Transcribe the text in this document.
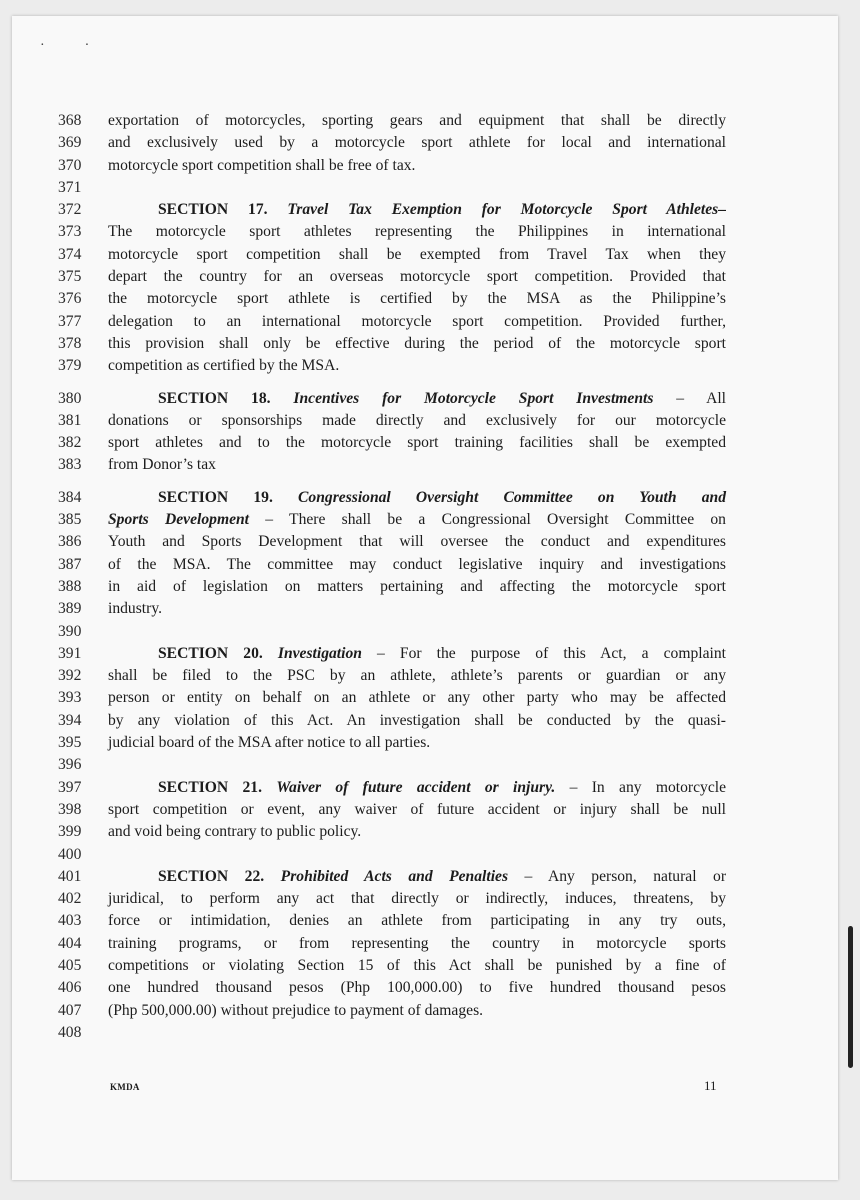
··
368	exportation of motorcycles, sporting gears and equipment that shall be directly
369	and exclusively used by a motorcycle sport athlete for local and international
370	motorcycle sport competition shall be free of tax.
371
372	SECTION 17. Travel Tax Exemption for Motorcycle Sport Athletes–
373	The motorcycle sport athletes representing the Philippines in international
374	motorcycle sport competition shall be exempted from Travel Tax when they
375	depart the country for an overseas motorcycle sport competition. Provided that
376	the motorcycle sport athlete is certified by the MSA as the Philippine’s
377	delegation to an international motorcycle sport competition. Provided further,
378	this provision shall only be effective during the period of the motorcycle sport
379	competition as certified by the MSA.
380	SECTION 18. Incentives for Motorcycle Sport Investments – All
381	donations or sponsorships made directly and exclusively for our motorcycle
382	sport athletes and to the motorcycle sport training facilities shall be exempted
383	from Donor’s tax
384	SECTION 19. Congressional Oversight Committee on Youth and
385	Sports Development – There shall be a Congressional Oversight Committee on
386	Youth and Sports Development that will oversee the conduct and expenditures
387	of the MSA. The committee may conduct legislative inquiry and investigations
388	in aid of legislation on matters pertaining and affecting the motorcycle sport
389	industry.
390
391	SECTION 20. Investigation – For the purpose of this Act, a complaint
392	shall be filed to the PSC by an athlete, athlete’s parents or guardian or any
393	person or entity on behalf on an athlete or any other party who may be affected
394	by any violation of this Act. An investigation shall be conducted by the quasi-
395	judicial board of the MSA after notice to all parties.
396
397	SECTION 21. Waiver of future accident or injury. – In any motorcycle
398	sport competition or event, any waiver of future accident or injury shall be null
399	and void being contrary to public policy.
400
401	SECTION 22. Prohibited Acts and Penalties – Any person, natural or
402	juridical, to perform any act that directly or indirectly, induces, threatens, by
403	force or intimidation, denies an athlete from participating in any try outs,
404	training programs, or from representing the country in motorcycle sports
405	competitions or violating Section 15 of this Act shall be punished by a fine of
406	one hundred thousand pesos (Php 100,000.00) to five hundred thousand pesos
407	(Php 500,000.00) without prejudice to payment of damages.
408
KMDA	11
